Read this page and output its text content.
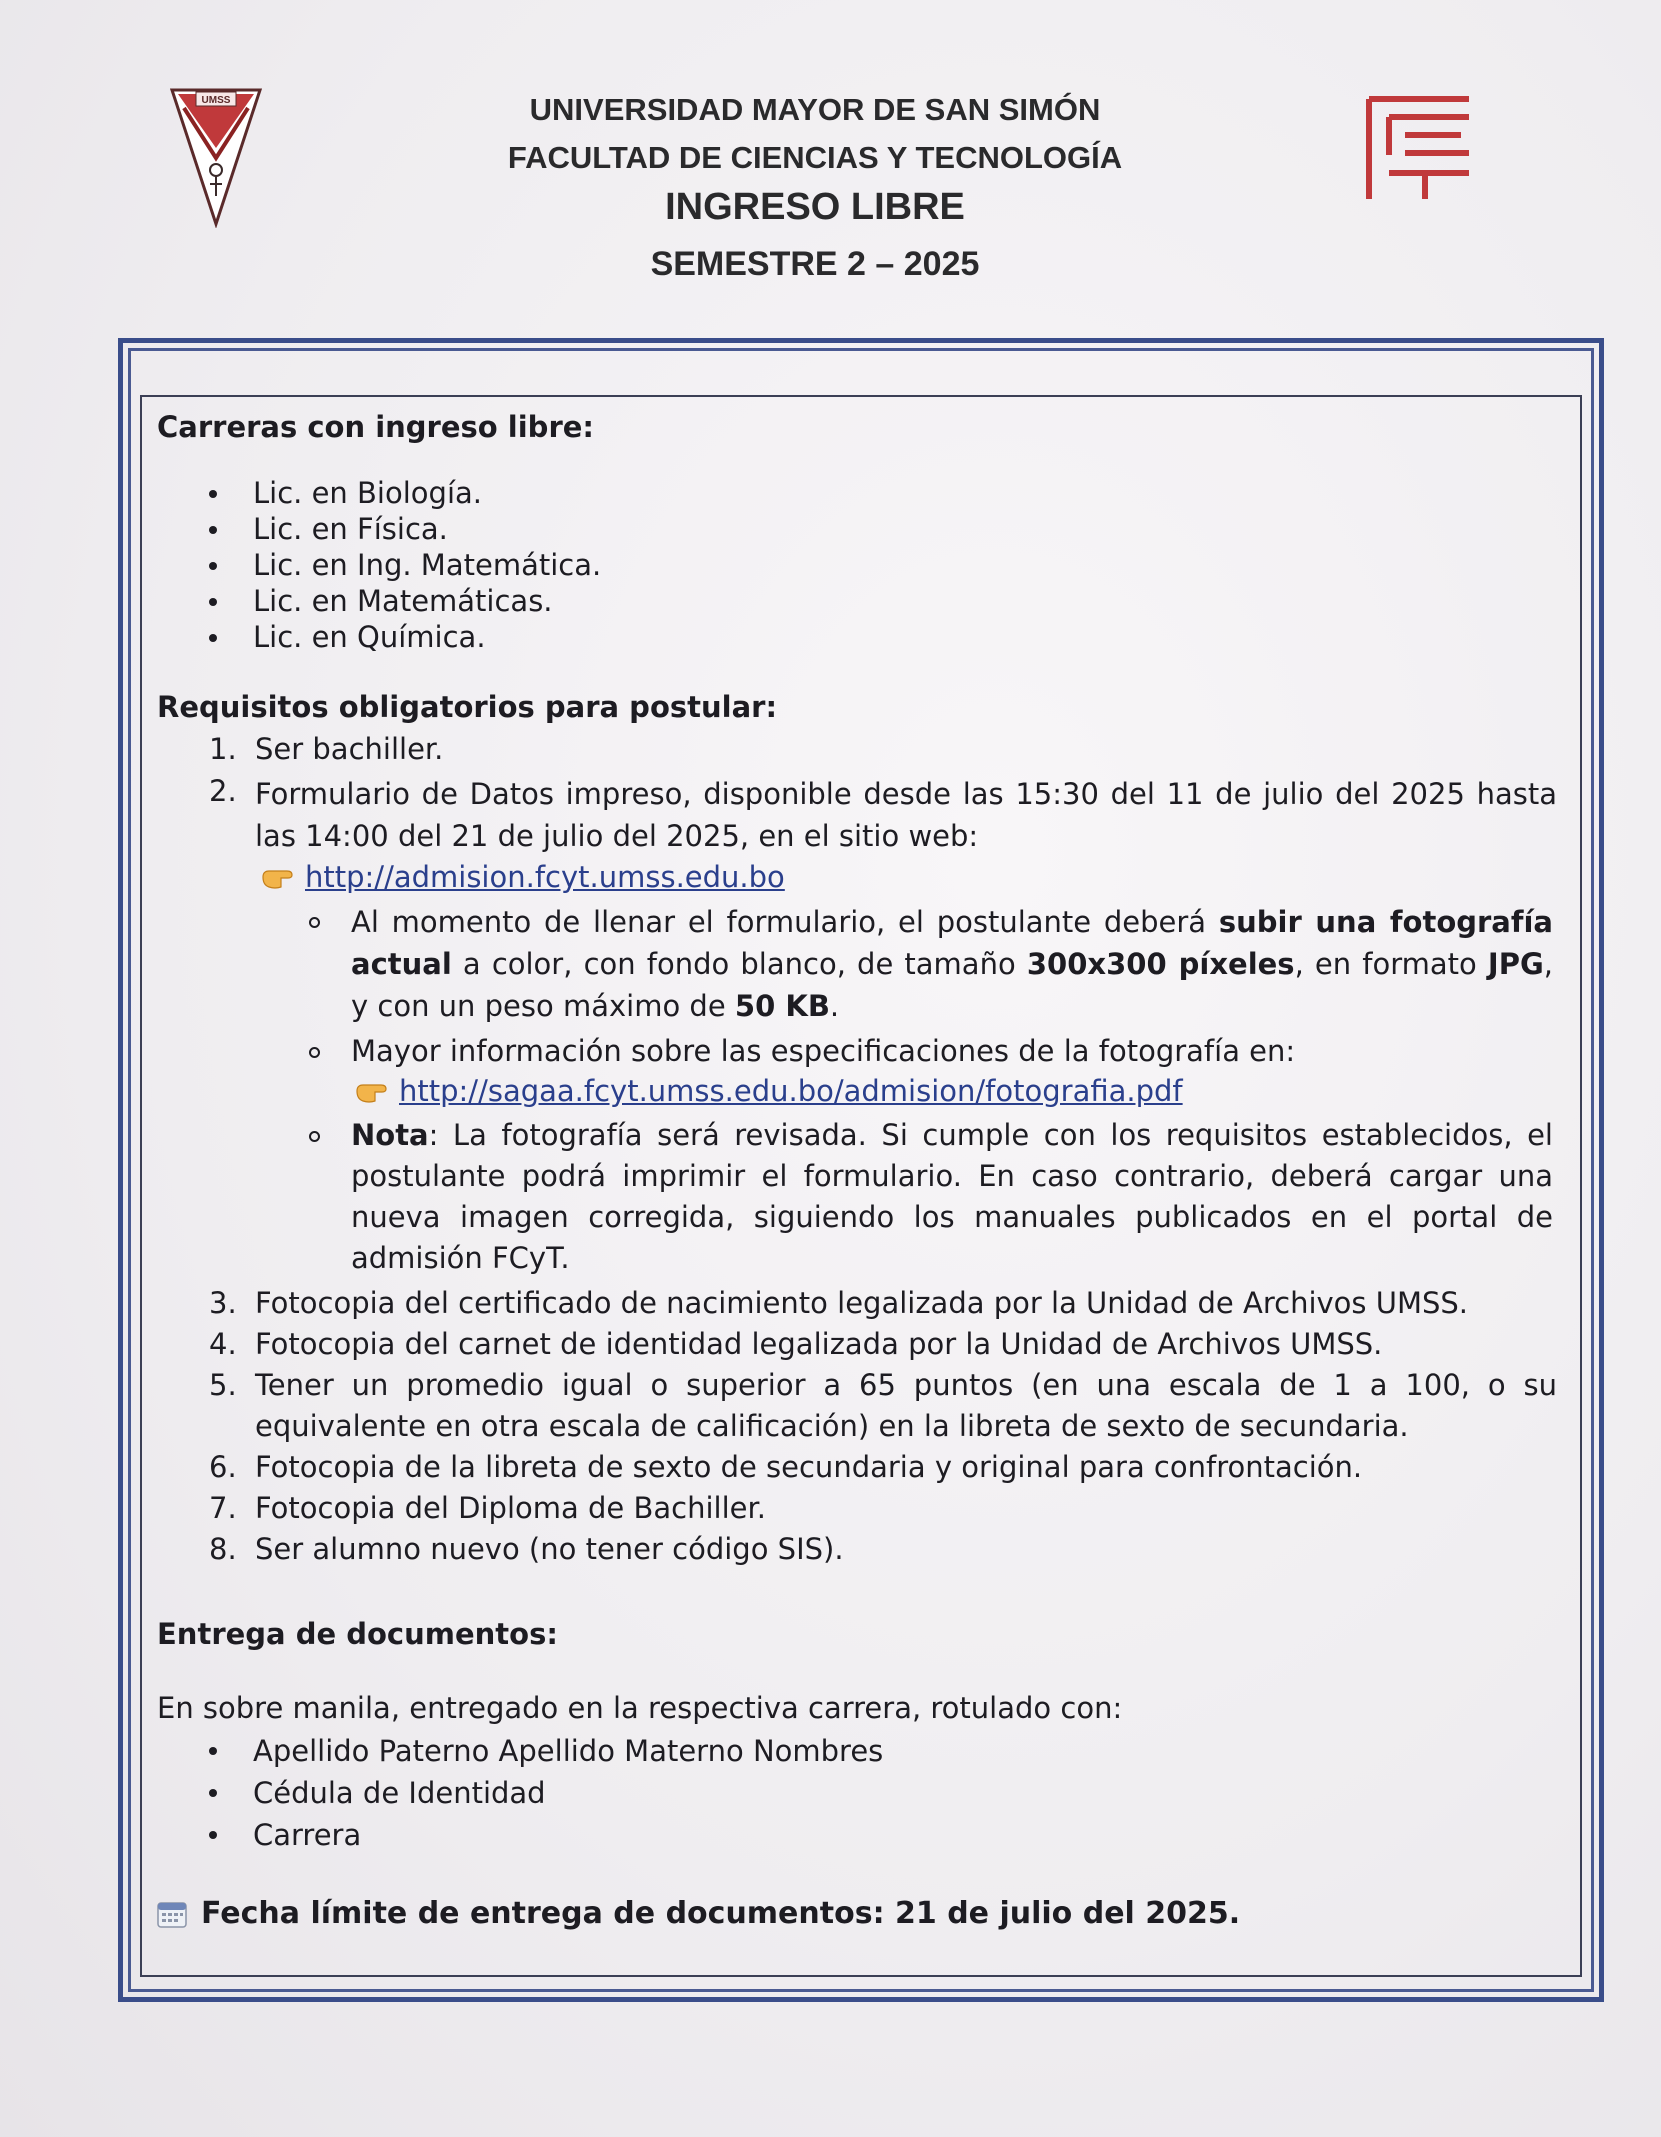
UMSS	UNIVERSIDAD MAYOR DE SAN SIMÓN
FACULTAD DE CIENCIAS Y TECNOLOGÍA
INGRESO LIBRE
SEMESTRE 2 – 2025

Carreras con ingreso libre:

Lic. en Biología.
Lic. en Física.
Lic. en Ing. Matemática.
Lic. en Matemáticas.
Lic. en Química.

Requisitos obligatorios para postular:

1. Ser bachiller.
2. Formulario de Datos impreso, disponible desde las 15:30 del 11 de julio del 2025 hasta las 14:00 del 21 de julio del 2025, en el sitio web:
http://admision.fcyt.umss.edu.bo
Al momento de llenar el formulario, el postulante deberá subir una fotografía actual a color, con fondo blanco, de tamaño 300x300 píxeles, en formato JPG, y con un peso máximo de 50 KB.
Mayor información sobre las especificaciones de la fotografía en:
http://sagaa.fcyt.umss.edu.bo/admision/fotografia.pdf
Nota: La fotografía será revisada. Si cumple con los requisitos establecidos, el postulante podrá imprimir el formulario. En caso contrario, deberá cargar una nueva imagen corregida, siguiendo los manuales publicados en el portal de admisión FCyT.
3. Fotocopia del certificado de nacimiento legalizada por la Unidad de Archivos UMSS.
4. Fotocopia del carnet de identidad legalizada por la Unidad de Archivos UMSS.
5. Tener un promedio igual o superior a 65 puntos (en una escala de 1 a 100, o su equivalente en otra escala de calificación) en la libreta de sexto de secundaria.
6. Fotocopia de la libreta de sexto de secundaria y original para confrontación.
7. Fotocopia del Diploma de Bachiller.
8. Ser alumno nuevo (no tener código SIS).

Entrega de documentos:

En sobre manila, entregado en la respectiva carrera, rotulado con:

Apellido Paterno Apellido Materno Nombres
Cédula de Identidad
Carrera
Fecha límite de entrega de documentos: 21 de julio del 2025.
